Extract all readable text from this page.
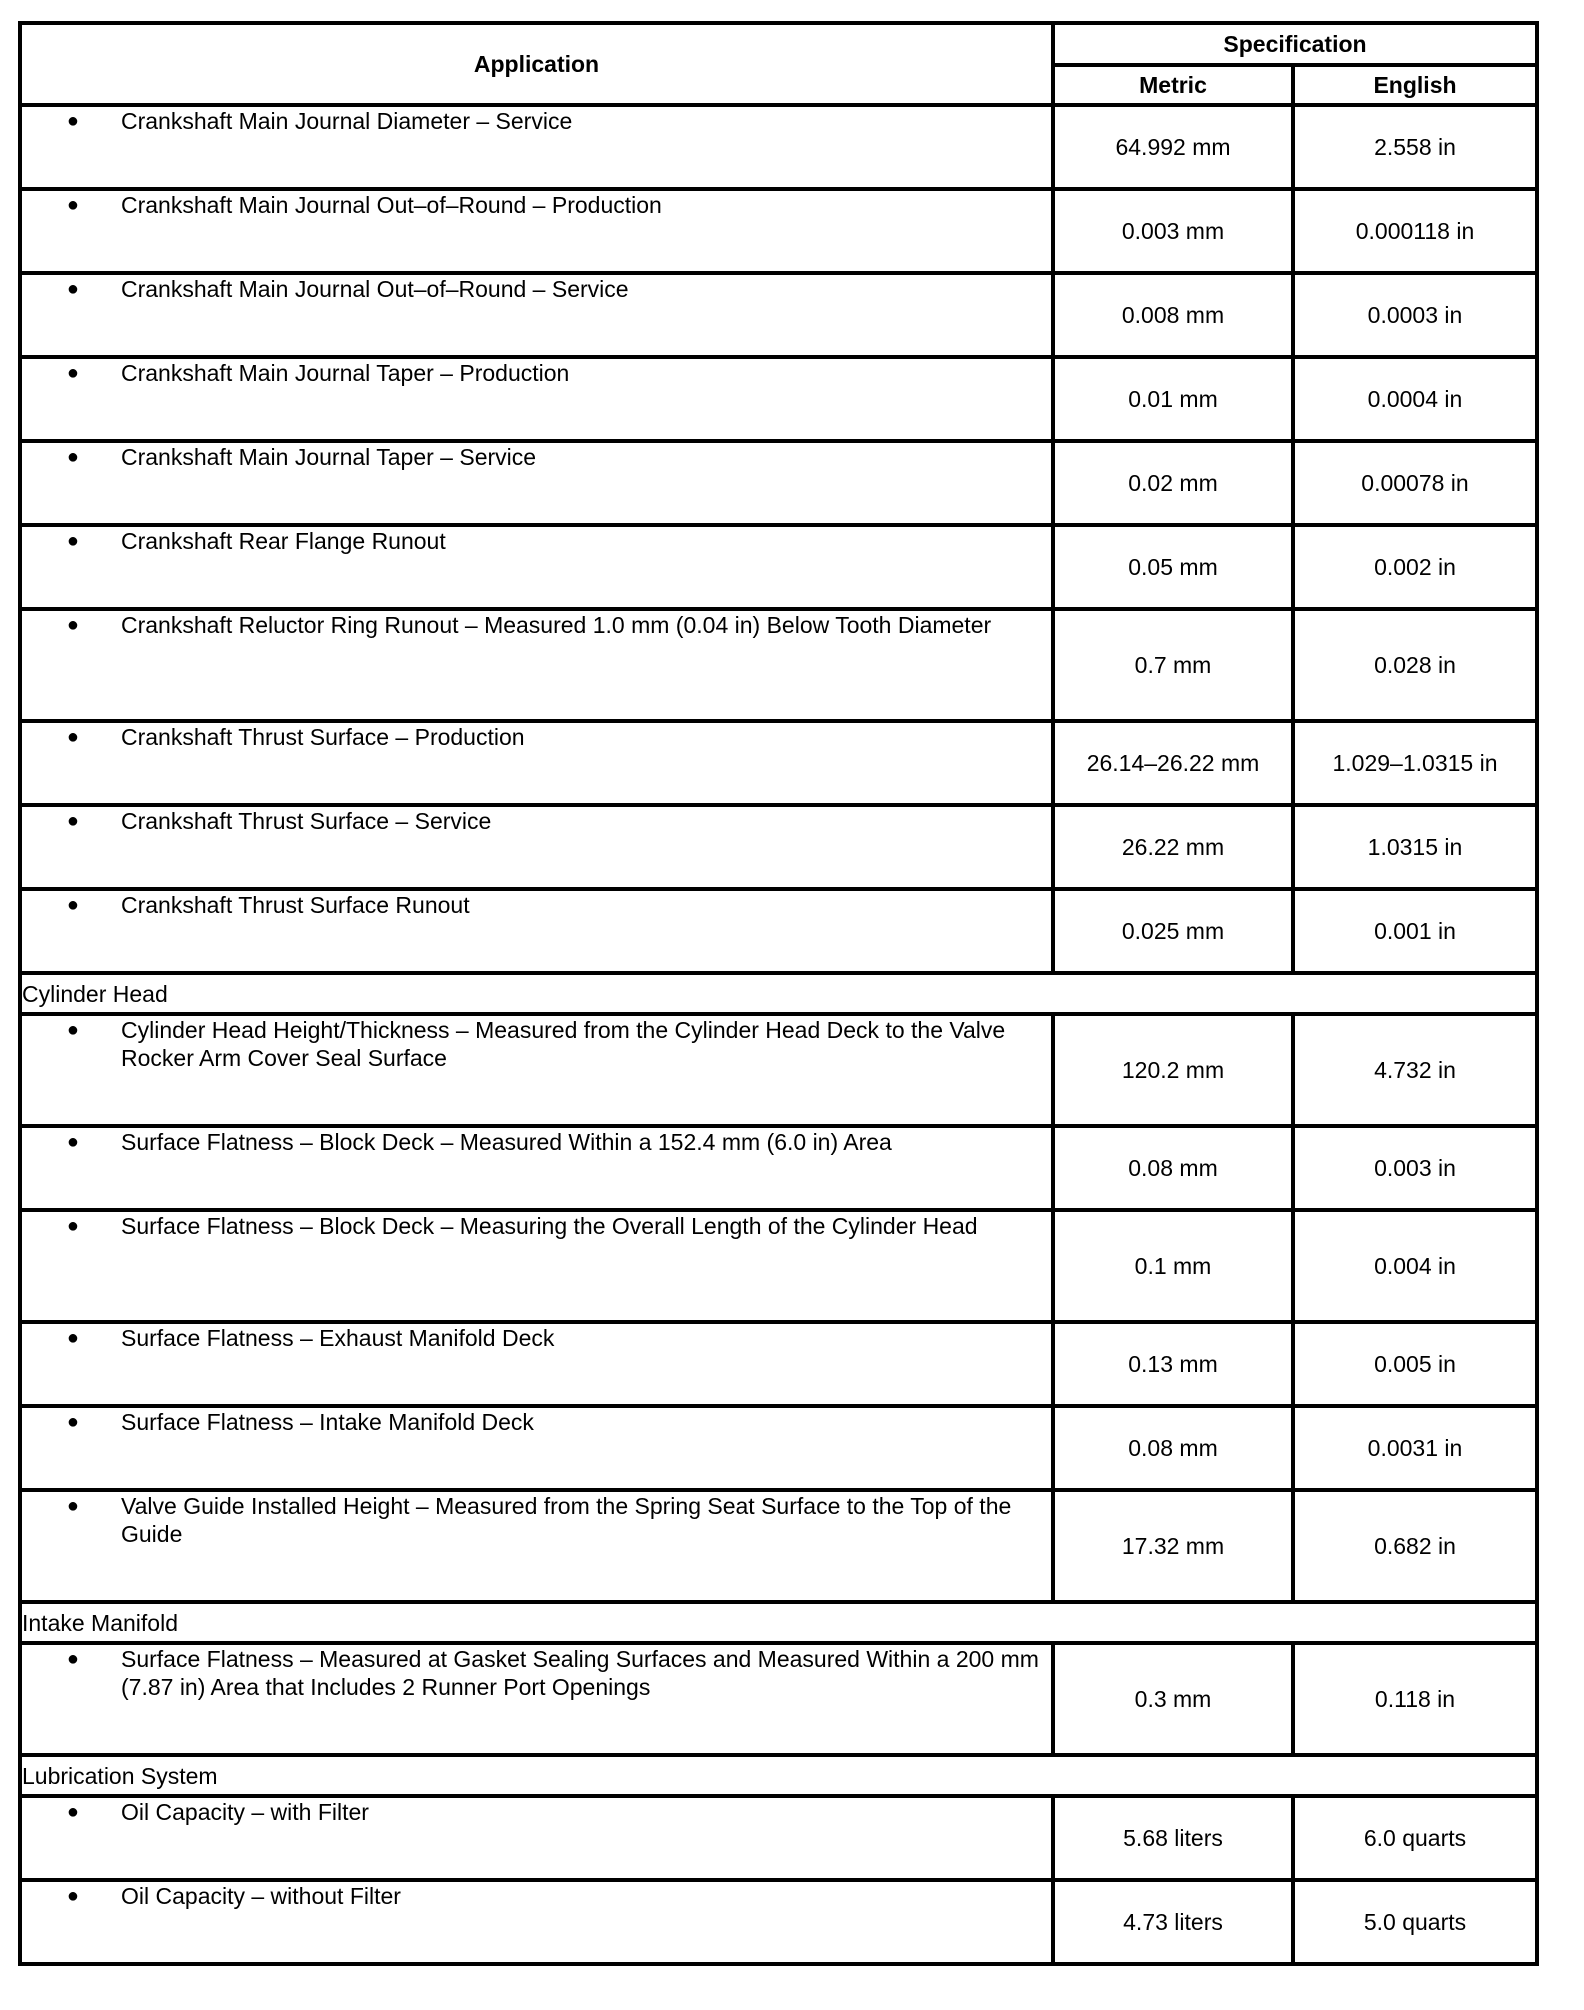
Application	Specification	
	Metric	English

● Crankshaft Main Journal Diameter – Service	64.992 mm	2.558 in

● Crankshaft Main Journal Out–of–Round – Production	0.003 mm	0.000118 in

● Crankshaft Main Journal Out–of–Round – Service	0.008 mm	0.0003 in

● Crankshaft Main Journal Taper – Production	0.01 mm	0.0004 in

● Crankshaft Main Journal Taper – Service	0.02 mm	0.00078 in

● Crankshaft Rear Flange Runout	0.05 mm	0.002 in

● Crankshaft Reluctor Ring Runout – Measured 1.0 mm (0.04 in) Below Tooth Diameter	0.7 mm	0.028 in

● Crankshaft Thrust Surface – Production	26.14–26.22 mm	1.029–1.0315 in

● Crankshaft Thrust Surface – Service	26.22 mm	1.0315 in

● Crankshaft Thrust Surface Runout	0.025 mm	0.001 in
Cylinder Head		

● Cylinder Head Height/Thickness – Measured from the Cylinder Head Deck to the Valve Rocker Arm Cover Seal Surface	120.2 mm	4.732 in

● Surface Flatness – Block Deck – Measured Within a 152.4 mm (6.0 in) Area	0.08 mm	0.003 in

● Surface Flatness – Block Deck – Measuring the Overall Length of the Cylinder Head	0.1 mm	0.004 in

● Surface Flatness – Exhaust Manifold Deck	0.13 mm	0.005 in

● Surface Flatness – Intake Manifold Deck	0.08 mm	0.0031 in

● Valve Guide Installed Height – Measured from the Spring Seat Surface to the Top of the Guide	17.32 mm	0.682 in
Intake Manifold		

● Surface Flatness – Measured at Gasket Sealing Surfaces and Measured Within a 200 mm (7.87 in) Area that Includes 2 Runner Port Openings	0.3 mm	0.118 in
Lubrication System		

● Oil Capacity – with Filter	5.68 liters	6.0 quarts

● Oil Capacity – without Filter	4.73 liters	5.0 quarts
